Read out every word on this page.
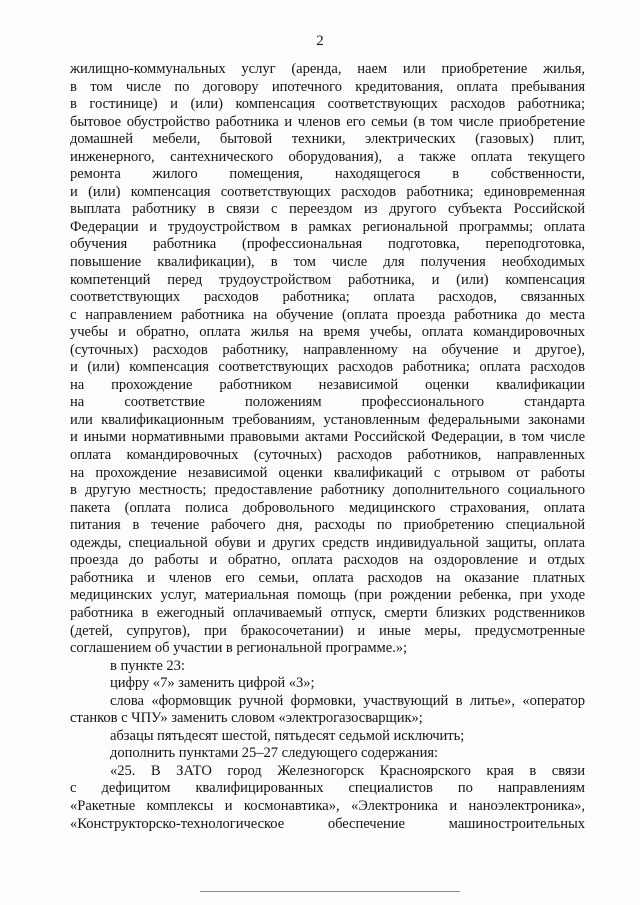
2
жилищно-коммунальных услуг (аренда, наем или приобретение жилья,
в том числе по договору ипотечного кредитования, оплата пребывания
в гостинице) и (или) компенсация соответствующих расходов работника;
бытовое обустройство работника и членов его семьи (в том числе приобретение
домашней мебели, бытовой техники, электрических (газовых) плит,
инженерного, сантехнического оборудования), а также оплата текущего
ремонта жилого помещения, находящегося в собственности,
и (или) компенсация соответствующих расходов работника; единовременная
выплата работнику в связи с переездом из другого субъекта Российской
Федерации и трудоустройством в рамках региональной программы; оплата
обучения работника (профессиональная подготовка, переподготовка,
повышение квалификации), в том числе для получения необходимых
компетенций перед трудоустройством работника, и (или) компенсация
соответствующих расходов работника; оплата расходов, связанных
с направлением работника на обучение (оплата проезда работника до места
учебы и обратно, оплата жилья на время учебы, оплата командировочных
(суточных) расходов работнику, направленному на обучение и другое),
и (или) компенсация соответствующих расходов работника; оплата расходов
на прохождение работником независимой оценки квалификации
на соответствие положениям профессионального стандарта
или квалификационным требованиям, установленным федеральными законами
и иными нормативными правовыми актами Российской Федерации, в том числе
оплата командировочных (суточных) расходов работников, направленных
на прохождение независимой оценки квалификаций с отрывом от работы
в другую местность; предоставление работнику дополнительного социального
пакета (оплата полиса добровольного медицинского страхования, оплата
питания в течение рабочего дня, расходы по приобретению специальной
одежды, специальной обуви и других средств индивидуальной защиты, оплата
проезда до работы и обратно, оплата расходов на оздоровление и отдых
работника и членов его семьи, оплата расходов на оказание платных
медицинских услуг, материальная помощь (при рождении ребенка, при уходе
работника в ежегодный оплачиваемый отпуск, смерти близких родственников
(детей, супругов), при бракосочетании) и иные меры, предусмотренные
соглашением об участии в региональной программе.»;
в пункте 23:
цифру «7» заменить цифрой «3»;
слова «формовщик ручной формовки, участвующий в литье», «оператор
станков с ЧПУ» заменить словом «электрогазосварщик»;
абзацы пятьдесят шестой, пятьдесят седьмой исключить;
дополнить пунктами 25–27 следующего содержания:
«25. В ЗАТО город Железногорск Красноярского края в связи
с дефицитом квалифицированных специалистов по направлениям
«Ракетные комплексы и космонавтика», «Электроника и наноэлектроника»,
«Конструкторско-технологическое обеспечение машиностроительных
